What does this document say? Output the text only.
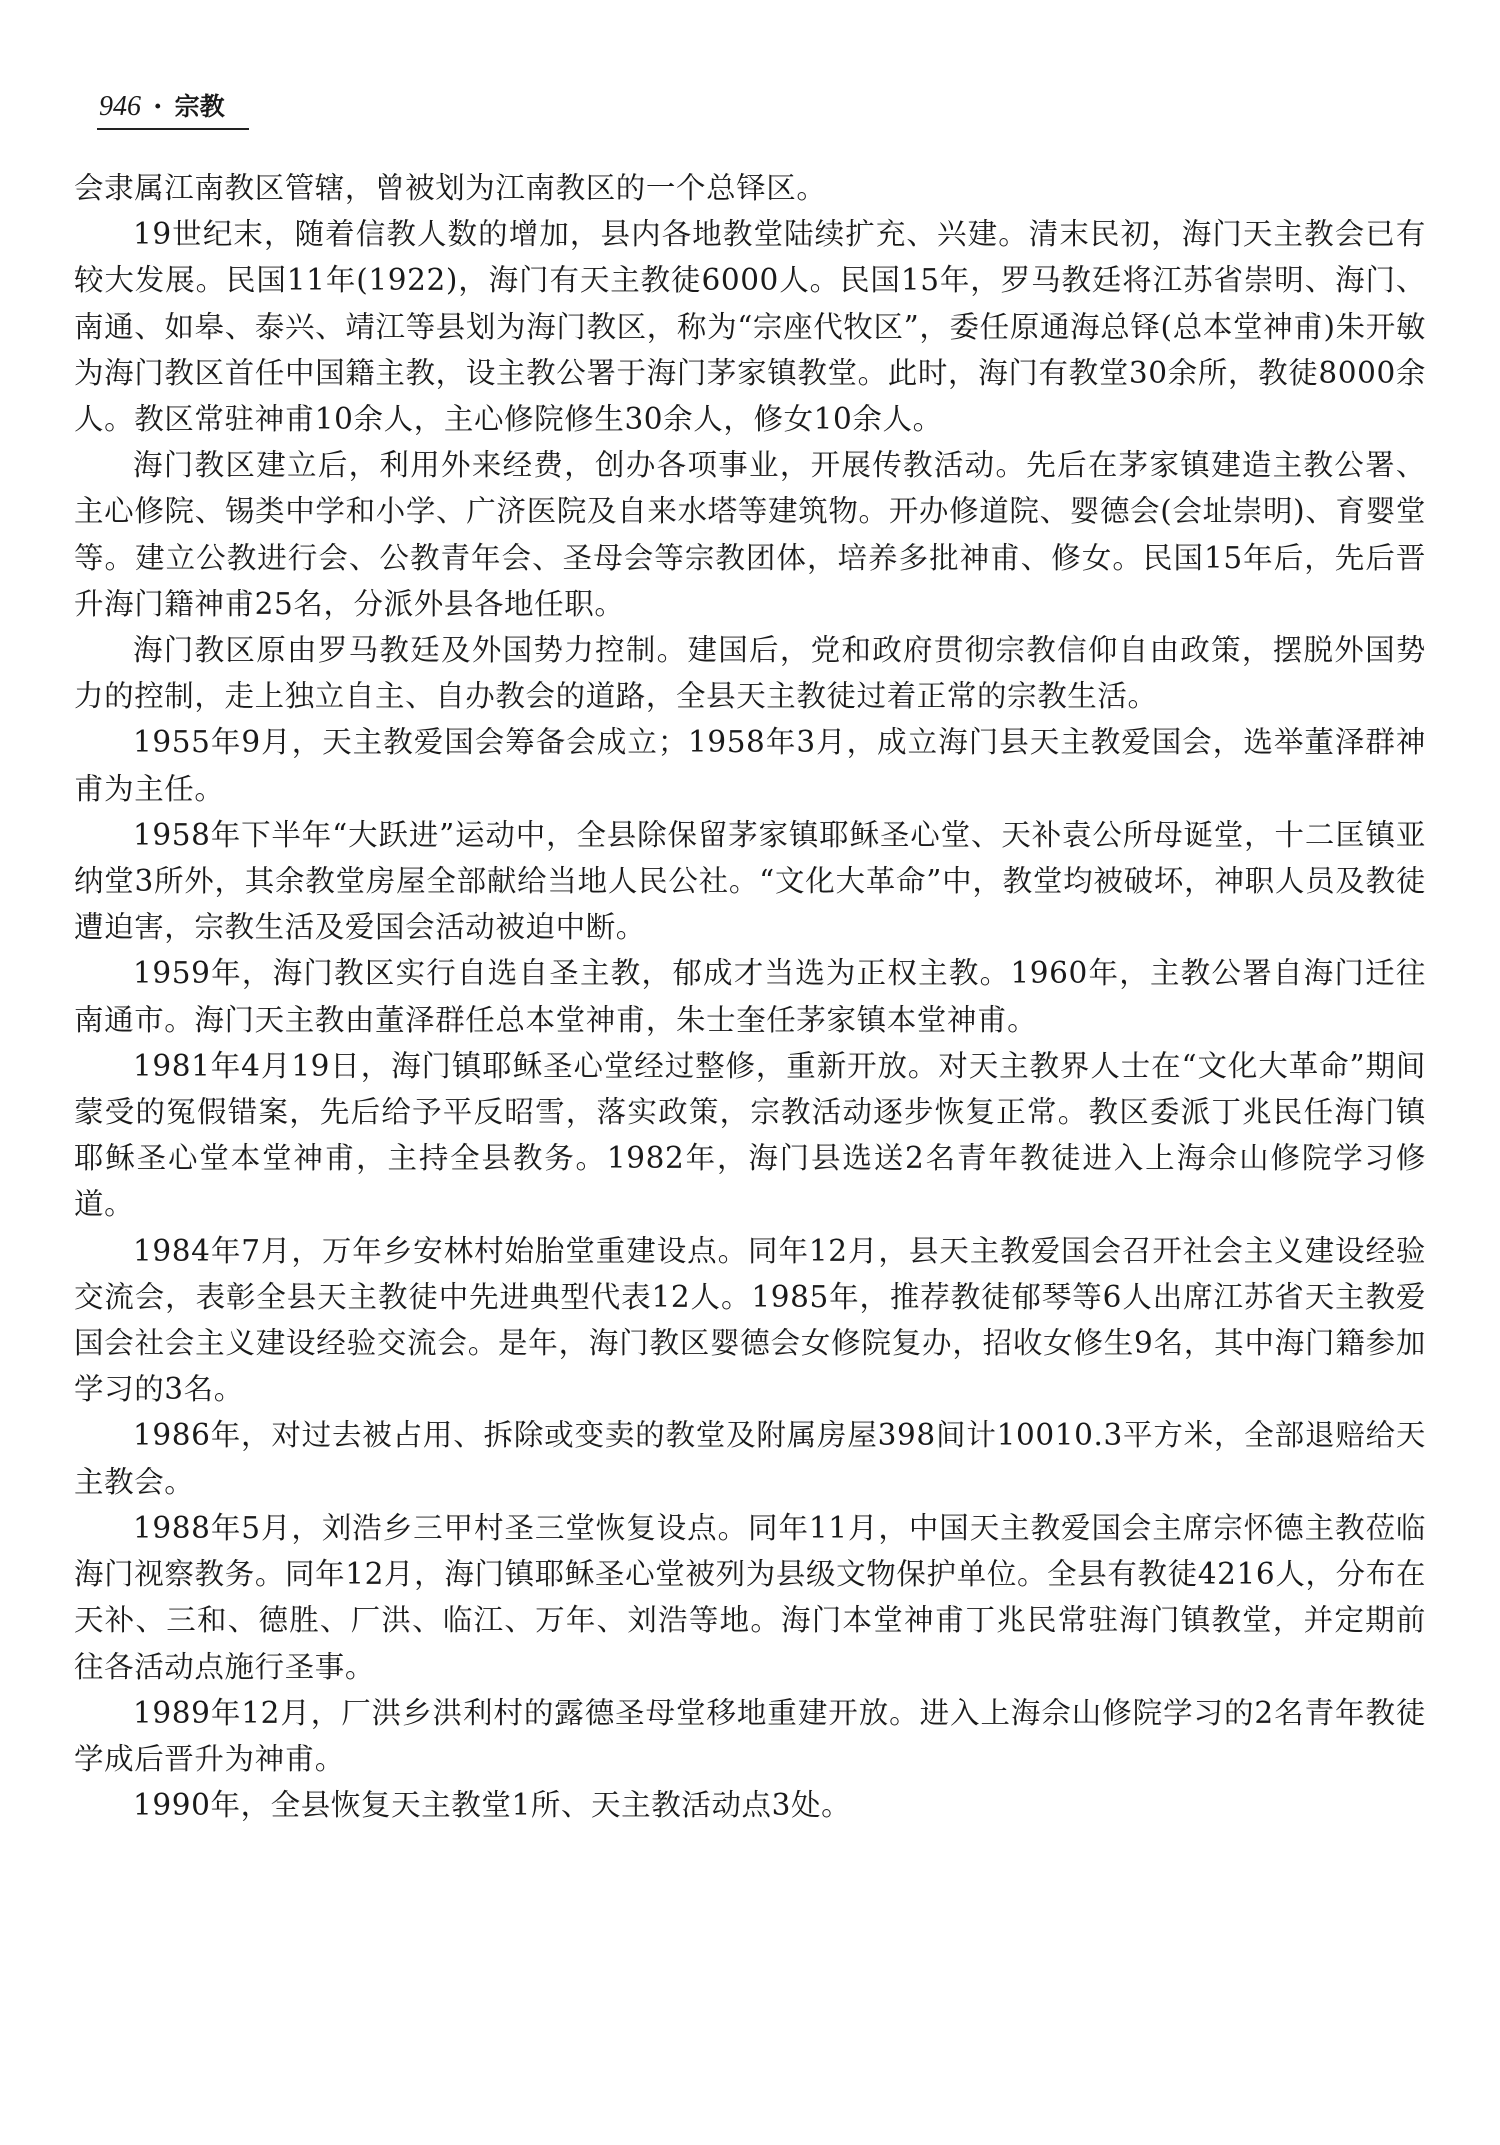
946 · 宗教

会隶属江南教区管辖，曾被划为江南教区的一个总铎区。

19世纪末，随着信教人数的增加，县内各地教堂陆续扩充、兴建。清末民初，海门天主教会已有较大发展。民国11年(1922)，海门有天主教徒6000人。民国15年，罗马教廷将江苏省崇明、海门、南通、如皋、泰兴、靖江等县划为海门教区，称为“宗座代牧区”，委任原通海总铎(总本堂神甫)朱开敏为海门教区首任中国籍主教，设主教公署于海门茅家镇教堂。此时，海门有教堂30余所，教徒8000余人。教区常驻神甫10余人，主心修院修生30余人，修女10余人。

海门教区建立后，利用外来经费，创办各项事业，开展传教活动。先后在茅家镇建造主教公署、主心修院、锡类中学和小学、广济医院及自来水塔等建筑物。开办修道院、婴德会(会址崇明)、育婴堂等。建立公教进行会、公教青年会、圣母会等宗教团体，培养多批神甫、修女。民国15年后，先后晋升海门籍神甫25名，分派外县各地任职。

海门教区原由罗马教廷及外国势力控制。建国后，党和政府贯彻宗教信仰自由政策，摆脱外国势力的控制，走上独立自主、自办教会的道路，全县天主教徒过着正常的宗教生活。

1955年9月，天主教爱国会筹备会成立；1958年3月，成立海门县天主教爱国会，选举董泽群神甫为主任。

1958年下半年“大跃进”运动中，全县除保留茅家镇耶稣圣心堂、天补袁公所母诞堂，十二匡镇亚纳堂3所外，其余教堂房屋全部献给当地人民公社。“文化大革命”中，教堂均被破坏，神职人员及教徒遭迫害，宗教生活及爱国会活动被迫中断。

1959年，海门教区实行自选自圣主教，郁成才当选为正权主教。1960年，主教公署自海门迁往南通市。海门天主教由董泽群任总本堂神甫，朱士奎任茅家镇本堂神甫。

1981年4月19日，海门镇耶稣圣心堂经过整修，重新开放。对天主教界人士在“文化大革命”期间蒙受的冤假错案，先后给予平反昭雪，落实政策，宗教活动逐步恢复正常。教区委派丁兆民任海门镇耶稣圣心堂本堂神甫，主持全县教务。1982年，海门县选送2名青年教徒进入上海佘山修院学习修道。

1984年7月，万年乡安林村始胎堂重建设点。同年12月，县天主教爱国会召开社会主义建设经验交流会，表彰全县天主教徒中先进典型代表12人。1985年，推荐教徒郁琴等6人出席江苏省天主教爱国会社会主义建设经验交流会。是年，海门教区婴德会女修院复办，招收女修生9名，其中海门籍参加学习的3名。

1986年，对过去被占用、拆除或变卖的教堂及附属房屋398间计10010.3平方米，全部退赔给天主教会。

1988年5月，刘浩乡三甲村圣三堂恢复设点。同年11月，中国天主教爱国会主席宗怀德主教莅临海门视察教务。同年12月，海门镇耶稣圣心堂被列为县级文物保护单位。全县有教徒4216人，分布在天补、三和、德胜、厂洪、临江、万年、刘浩等地。海门本堂神甫丁兆民常驻海门镇教堂，并定期前往各活动点施行圣事。

1989年12月，厂洪乡洪利村的露德圣母堂移地重建开放。进入上海佘山修院学习的2名青年教徒学成后晋升为神甫。

1990年，全县恢复天主教堂1所、天主教活动点3处。
